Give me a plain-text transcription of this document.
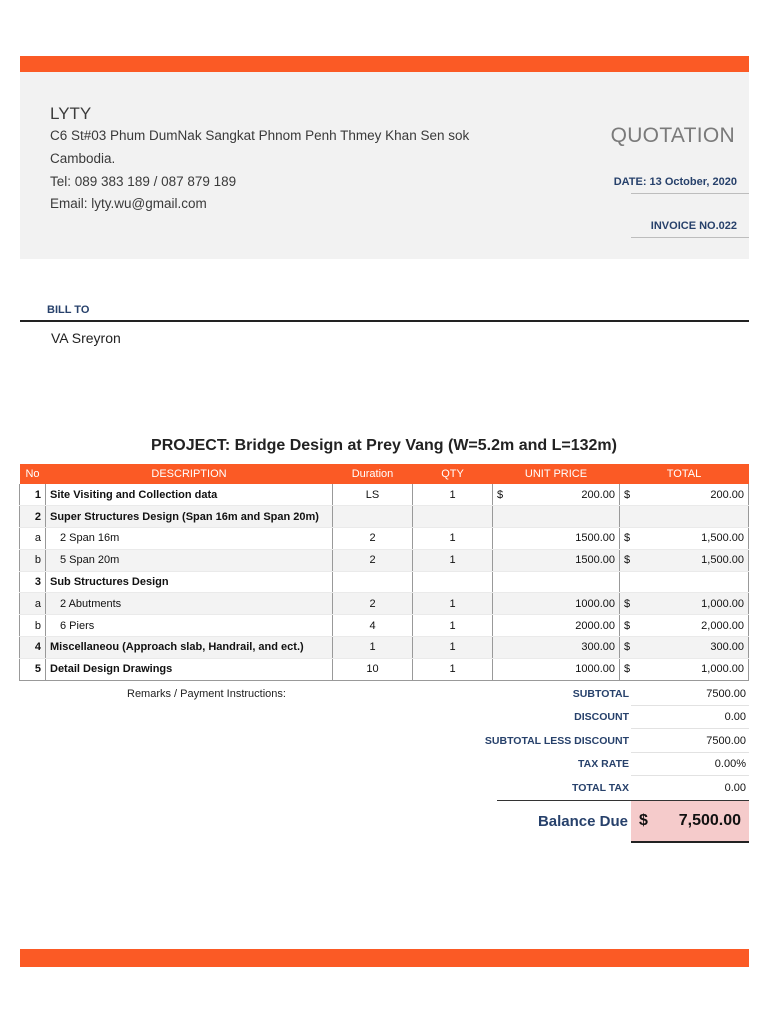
LYTY
C6 St#03 Phum DumNak Sangkat Phnom Penh Thmey Khan Sen sok
Cambodia.
Tel: 089 383 189 / 087 879 189
Email: lyty.wu@gmail.com
QUOTATION
DATE: 13 October, 2020
INVOICE NO.022
BILL TO
VA Sreyron
PROJECT: Bridge Design at Prey Vang (W=5.2m and L=132m)
No	DESCRIPTION	Duration	QTY	UNIT PRICE		TOTAL	
1	Site Visiting and Collection data	LS	1	$	200.00	$	200.00
2	Super Structures Design (Span 16m and Span 20m)						
a	2 Span 16m	2	1		1500.00	$	1,500.00
b	5 Span 20m	2	1		1500.00	$	1,500.00
3	Sub Structures Design						
a	2 Abutments	2	1		1000.00	$	1,000.00
b	6 Piers	4	1		2000.00	$	2,000.00
4	Miscellaneou (Approach slab, Handrail, and ect.)	1	1		300.00	$	300.00
5	Detail Design Drawings	10	1		1000.00	$	1,000.00
Remarks / Payment Instructions:	SUBTOTAL	7500.00
DISCOUNT	0.00
SUBTOTAL LESS DISCOUNT	7500.00
TAX RATE	0.00%
TOTAL TAX	0.00
Balance Due $ 7,500.00
